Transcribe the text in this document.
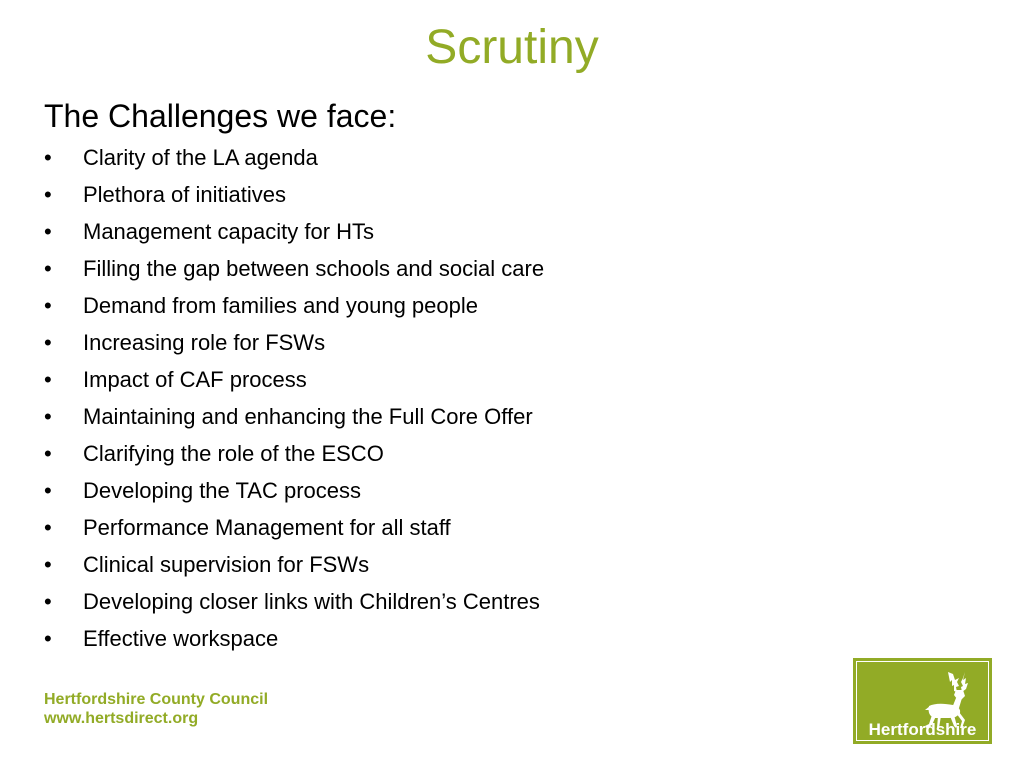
Scrutiny
The Challenges we face:
• Clarity of the LA agenda
• Plethora of initiatives
• Management capacity for HTs
• Filling the gap between schools and social care
• Demand from families and young people
• Increasing role for FSWs
• Impact of CAF process
• Maintaining and enhancing the Full Core Offer
• Clarifying the role of the ESCO
• Developing the TAC process
• Performance Management for all staff
• Clinical supervision for FSWs
• Developing closer links with Children’s Centres
• Effective workspace
Hertfordshire County Council
www.hertsdirect.org
Hertfordshire
